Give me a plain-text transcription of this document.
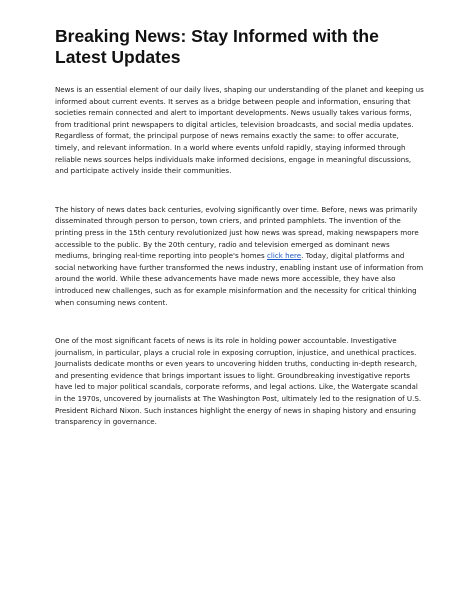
Breaking News: Stay Informed with the Latest Updates

News is an essential element of our daily lives, shaping our understanding of the planet and keeping us informed about current events. It serves as a bridge between people and information, ensuring that societies remain connected and alert to important developments. News usually takes various forms, from traditional print newspapers to digital articles, television broadcasts, and social media updates. Regardless of format, the principal purpose of news remains exactly the same: to offer accurate, timely, and relevant information. In a world where events unfold rapidly, staying informed through reliable news sources helps individuals make informed decisions, engage in meaningful discussions, and participate actively inside their communities.

The history of news dates back centuries, evolving significantly over time. Before, news was primarily disseminated through person to person, town criers, and printed pamphlets. The invention of the printing press in the 15th century revolutionized just how news was spread, making newspapers more accessible to the public. By the 20th century, radio and television emerged as dominant news mediums, bringing real-time reporting into people's homes click here. Today, digital platforms and social networking have further transformed the news industry, enabling instant use of information from around the world. While these advancements have made news more accessible, they have also introduced new challenges, such as for example misinformation and the necessity for critical thinking when consuming news content.

One of the most significant facets of news is its role in holding power accountable. Investigative journalism, in particular, plays a crucial role in exposing corruption, injustice, and unethical practices. Journalists dedicate months or even years to uncovering hidden truths, conducting in-depth research, and presenting evidence that brings important issues to light. Groundbreaking investigative reports have led to major political scandals, corporate reforms, and legal actions. Like, the Watergate scandal in the 1970s, uncovered by journalists at The Washington Post, ultimately led to the resignation of U.S. President Richard Nixon. Such instances highlight the energy of news in shaping history and ensuring transparency in governance.
